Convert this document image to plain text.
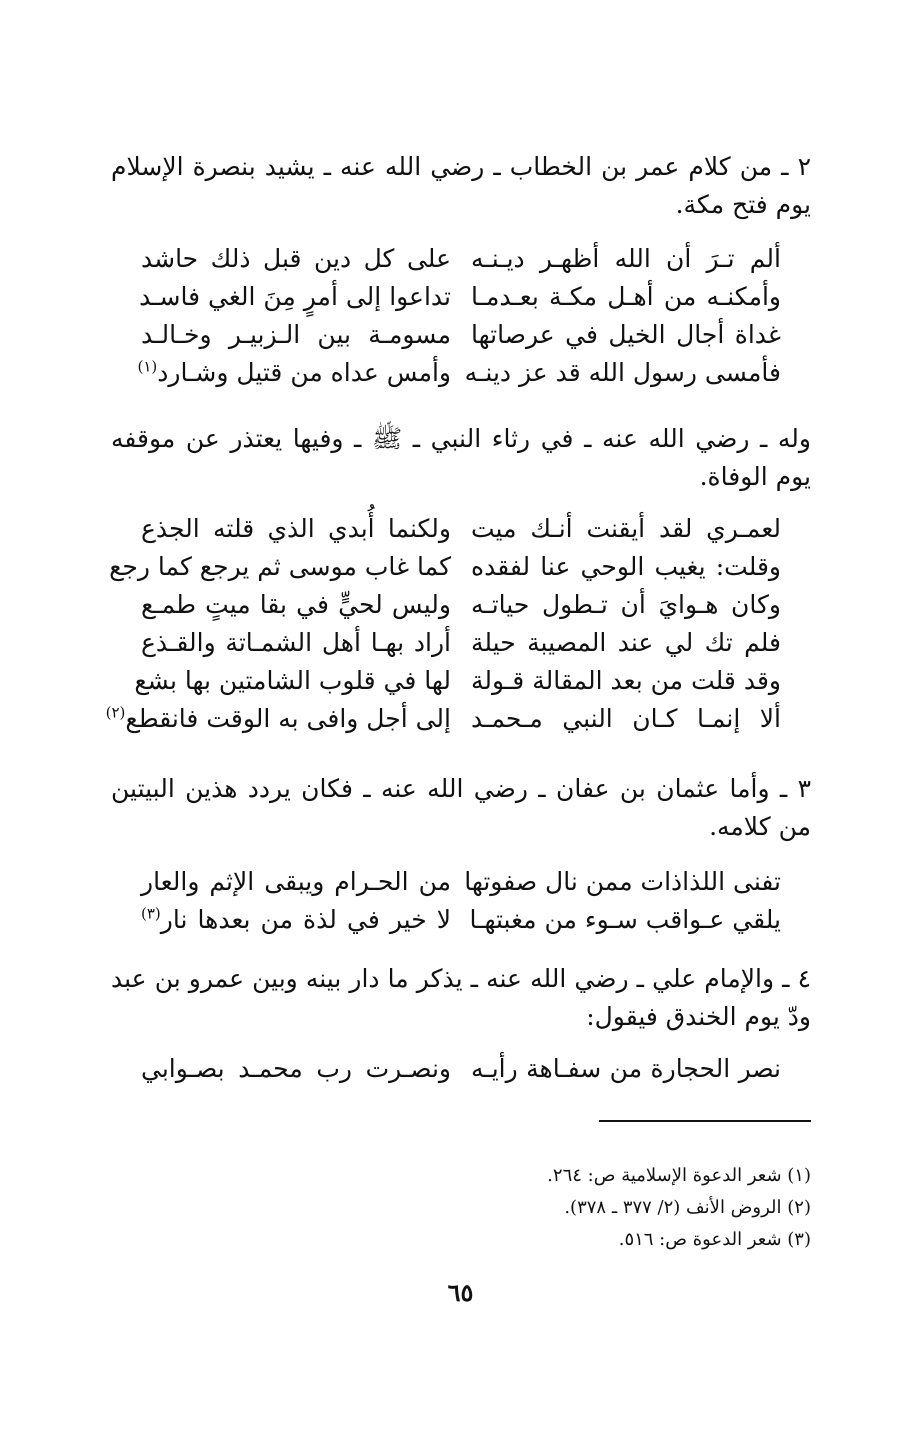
٢ ـ من كلام عمر بن الخطاب ـ رضي الله عنه ـ يشيد بنصرة الإسلام يوم فتح مكة.
ألم تـرَ أن الله أظهـر ديـنـه
على كل دين قبل ذلك حاشد
وأمكنـه من أهـل مكـة بعـدمـا
تداعوا إلى أمرٍ مِنَ الغي فاسـد
غداة أجال الخيل في عرصاتها
مسومـة بين الـزبيـر وخـالـد
فأمسى رسول الله قد عز دينـه
وأمس عداه من قتيل وشـارد$^{(١)}$
وله ـ رضي الله عنه ـ في رثاء النبي ـ ﷺ ـ وفيها يعتذر عن موقفه يوم الوفاة.
لعمـري لقد أيقنت أنـك ميت
ولكنما أُبدي الذي قلته الجذع
وقلت: يغيب الوحي عنا لفقده
كما غاب موسى ثم يرجع كما رجع
وكان هـوايَ أن تـطول حياتـه
وليس لحيٍّ في بقا ميتٍ طمـع
فلم تك لي عند المصيبة حيلة
أراد بهـا أهل الشمـاتة والقـذع
وقد قلت من بعد المقالة قـولة
لها في قلوب الشامتين بها بشع
ألا إنمـا كـان النبي مـحمـد
إلى أجل وافى به الوقت فانقطع$^{(٢)}$
٣ ـ وأما عثمان بن عفان ـ رضي الله عنه ـ فكان يردد هذين البيتين من كلامه.
تفنى اللذاذات ممن نال صفوتها
من الحـرام ويبقى الإثم والعار
يلقي عـواقب سـوء من مغبتهـا
لا خير في لذة من بعدها نار$^{(٣)}$
٤ ـ والإمام علي ـ رضي الله عنه ـ يذكر ما دار بينه وبين عمرو بن عبد ودّ يوم الخندق فيقول:
نصر الحجارة من سفـاهة رأيـه
ونصـرت رب محمـد بصـوابي
(١) شعر الدعوة الإسلامية ص: ٢٦٤.
(٢) الروض الأنف (٢/ ٣٧٧ ـ ٣٧٨).
(٣) شعر الدعوة ص: ٥١٦.
٦٥
